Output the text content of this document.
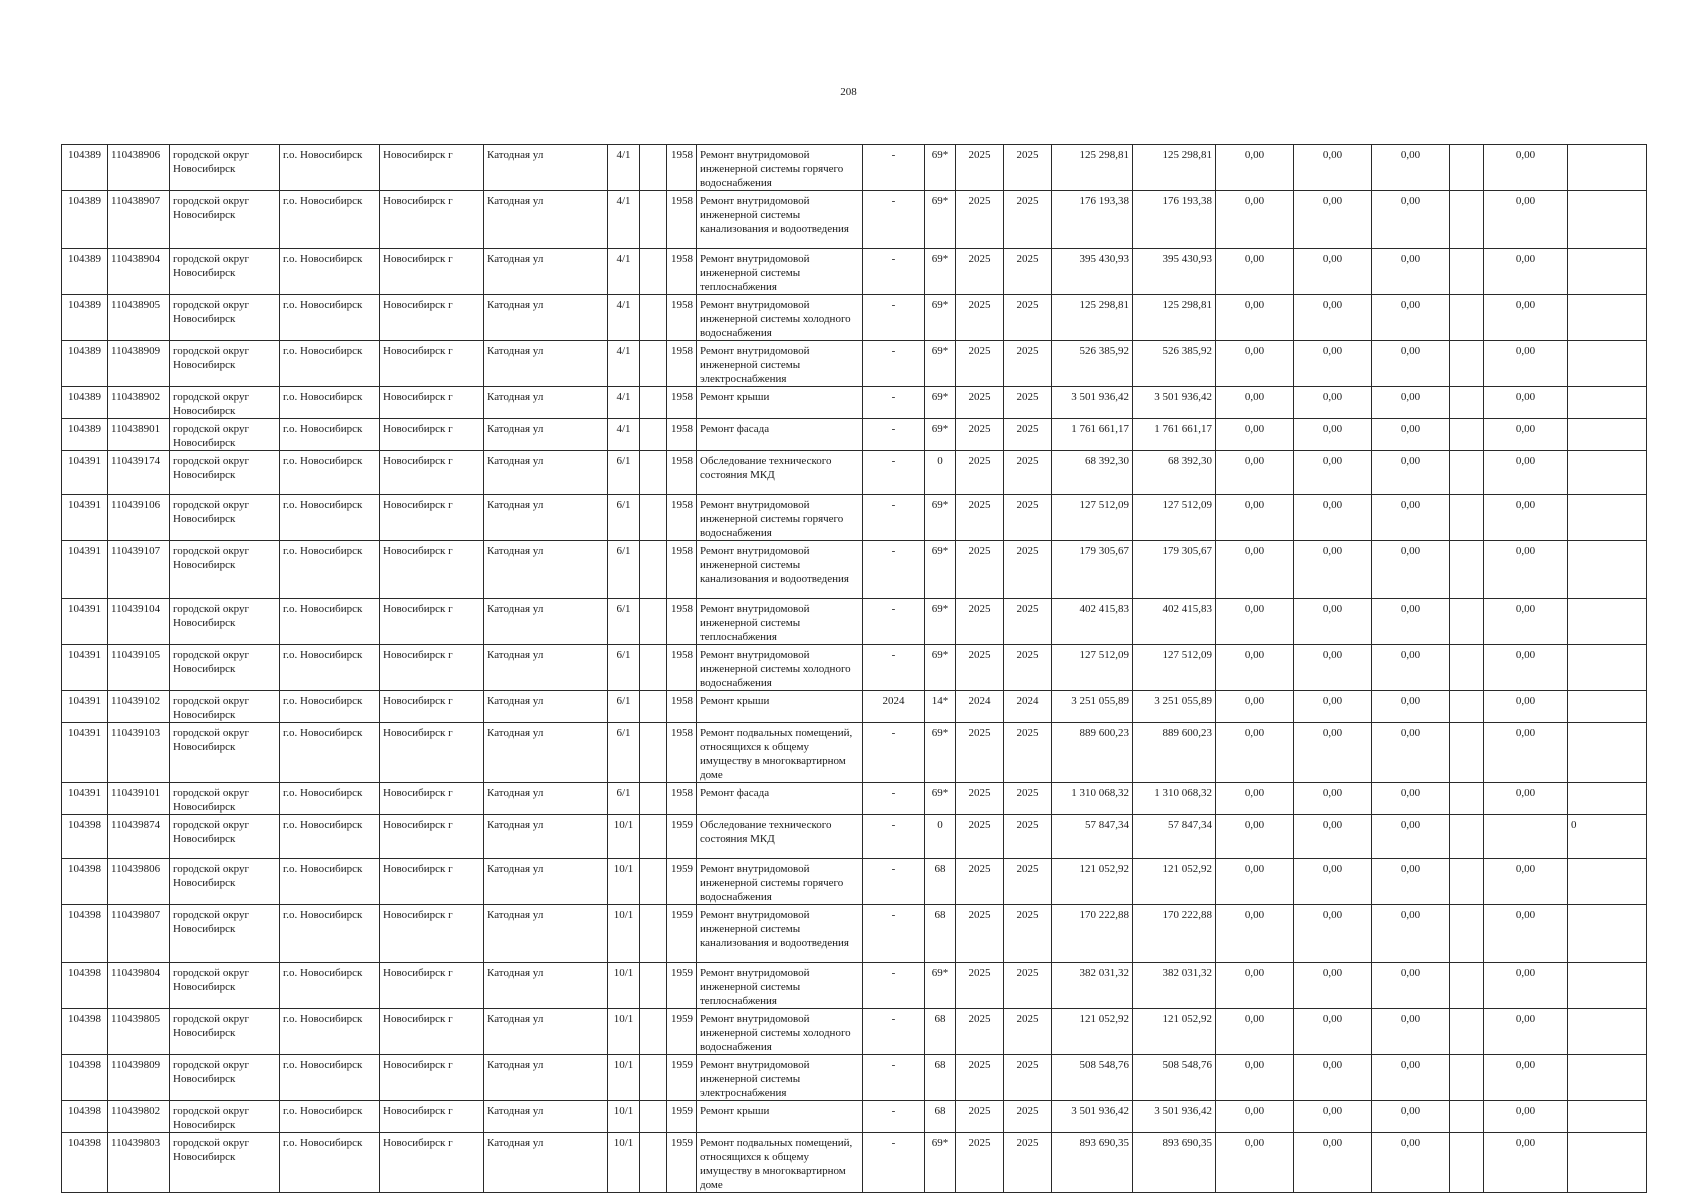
208
104389	110438906	городской округ Новосибирск	г.о. Новосибирск	Новосибирск г	Катодная ул	4/1		1958	Ремонт внутридомовой инженерной системы горячего водоснабжения	-	69*	2025	2025	125 298,81	125 298,81	0,00	0,00	0,00		0,00	
104389	110438907	городской округ Новосибирск	г.о. Новосибирск	Новосибирск г	Катодная ул	4/1		1958	Ремонт внутридомовой инженерной системы канализования и водоотведения	-	69*	2025	2025	176 193,38	176 193,38	0,00	0,00	0,00		0,00	
104389	110438904	городской округ Новосибирск	г.о. Новосибирск	Новосибирск г	Катодная ул	4/1		1958	Ремонт внутридомовой инженерной системы теплоснабжения	-	69*	2025	2025	395 430,93	395 430,93	0,00	0,00	0,00		0,00	
104389	110438905	городской округ Новосибирск	г.о. Новосибирск	Новосибирск г	Катодная ул	4/1		1958	Ремонт внутридомовой инженерной системы холодного водоснабжения	-	69*	2025	2025	125 298,81	125 298,81	0,00	0,00	0,00		0,00	
104389	110438909	городской округ Новосибирск	г.о. Новосибирск	Новосибирск г	Катодная ул	4/1		1958	Ремонт внутридомовой инженерной системы электроснабжения	-	69*	2025	2025	526 385,92	526 385,92	0,00	0,00	0,00		0,00	
104389	110438902	городской округ Новосибирск	г.о. Новосибирск	Новосибирск г	Катодная ул	4/1		1958	Ремонт крыши	-	69*	2025	2025	3 501 936,42	3 501 936,42	0,00	0,00	0,00		0,00	
104389	110438901	городской округ Новосибирск	г.о. Новосибирск	Новосибирск г	Катодная ул	4/1		1958	Ремонт фасада	-	69*	2025	2025	1 761 661,17	1 761 661,17	0,00	0,00	0,00		0,00	
104391	110439174	городской округ Новосибирск	г.о. Новосибирск	Новосибирск г	Катодная ул	6/1		1958	Обследование технического состояния МКД	-	0	2025	2025	68 392,30	68 392,30	0,00	0,00	0,00		0,00	
104391	110439106	городской округ Новосибирск	г.о. Новосибирск	Новосибирск г	Катодная ул	6/1		1958	Ремонт внутридомовой инженерной системы горячего водоснабжения	-	69*	2025	2025	127 512,09	127 512,09	0,00	0,00	0,00		0,00	
104391	110439107	городской округ Новосибирск	г.о. Новосибирск	Новосибирск г	Катодная ул	6/1		1958	Ремонт внутридомовой инженерной системы канализования и водоотведения	-	69*	2025	2025	179 305,67	179 305,67	0,00	0,00	0,00		0,00	
104391	110439104	городской округ Новосибирск	г.о. Новосибирск	Новосибирск г	Катодная ул	6/1		1958	Ремонт внутридомовой инженерной системы теплоснабжения	-	69*	2025	2025	402 415,83	402 415,83	0,00	0,00	0,00		0,00	
104391	110439105	городской округ Новосибирск	г.о. Новосибирск	Новосибирск г	Катодная ул	6/1		1958	Ремонт внутридомовой инженерной системы холодного водоснабжения	-	69*	2025	2025	127 512,09	127 512,09	0,00	0,00	0,00		0,00	
104391	110439102	городской округ Новосибирск	г.о. Новосибирск	Новосибирск г	Катодная ул	6/1		1958	Ремонт крыши	2024	14*	2024	2024	3 251 055,89	3 251 055,89	0,00	0,00	0,00		0,00	
104391	110439103	городской округ Новосибирск	г.о. Новосибирск	Новосибирск г	Катодная ул	6/1		1958	Ремонт подвальных помещений, относящихся к общему имуществу в многоквартирном доме	-	69*	2025	2025	889 600,23	889 600,23	0,00	0,00	0,00		0,00	
104391	110439101	городской округ Новосибирск	г.о. Новосибирск	Новосибирск г	Катодная ул	6/1		1958	Ремонт фасада	-	69*	2025	2025	1 310 068,32	1 310 068,32	0,00	0,00	0,00		0,00	
104398	110439874	городской округ Новосибирск	г.о. Новосибирск	Новосибирск г	Катодная ул	10/1		1959	Обследование технического состояния МКД	-	0	2025	2025	57 847,34	57 847,34	0,00	0,00	0,00			0
104398	110439806	городской округ Новосибирск	г.о. Новосибирск	Новосибирск г	Катодная ул	10/1		1959	Ремонт внутридомовой инженерной системы горячего водоснабжения	-	68	2025	2025	121 052,92	121 052,92	0,00	0,00	0,00		0,00	
104398	110439807	городской округ Новосибирск	г.о. Новосибирск	Новосибирск г	Катодная ул	10/1		1959	Ремонт внутридомовой инженерной системы канализования и водоотведения	-	68	2025	2025	170 222,88	170 222,88	0,00	0,00	0,00		0,00	
104398	110439804	городской округ Новосибирск	г.о. Новосибирск	Новосибирск г	Катодная ул	10/1		1959	Ремонт внутридомовой инженерной системы теплоснабжения	-	69*	2025	2025	382 031,32	382 031,32	0,00	0,00	0,00		0,00	
104398	110439805	городской округ Новосибирск	г.о. Новосибирск	Новосибирск г	Катодная ул	10/1		1959	Ремонт внутридомовой инженерной системы холодного водоснабжения	-	68	2025	2025	121 052,92	121 052,92	0,00	0,00	0,00		0,00	
104398	110439809	городской округ Новосибирск	г.о. Новосибирск	Новосибирск г	Катодная ул	10/1		1959	Ремонт внутридомовой инженерной системы электроснабжения	-	68	2025	2025	508 548,76	508 548,76	0,00	0,00	0,00		0,00	
104398	110439802	городской округ Новосибирск	г.о. Новосибирск	Новосибирск г	Катодная ул	10/1		1959	Ремонт крыши	-	68	2025	2025	3 501 936,42	3 501 936,42	0,00	0,00	0,00		0,00	
104398	110439803	городской округ Новосибирск	г.о. Новосибирск	Новосибирск г	Катодная ул	10/1		1959	Ремонт подвальных помещений, относящихся к общему имуществу в многоквартирном доме	-	69*	2025	2025	893 690,35	893 690,35	0,00	0,00	0,00		0,00	
